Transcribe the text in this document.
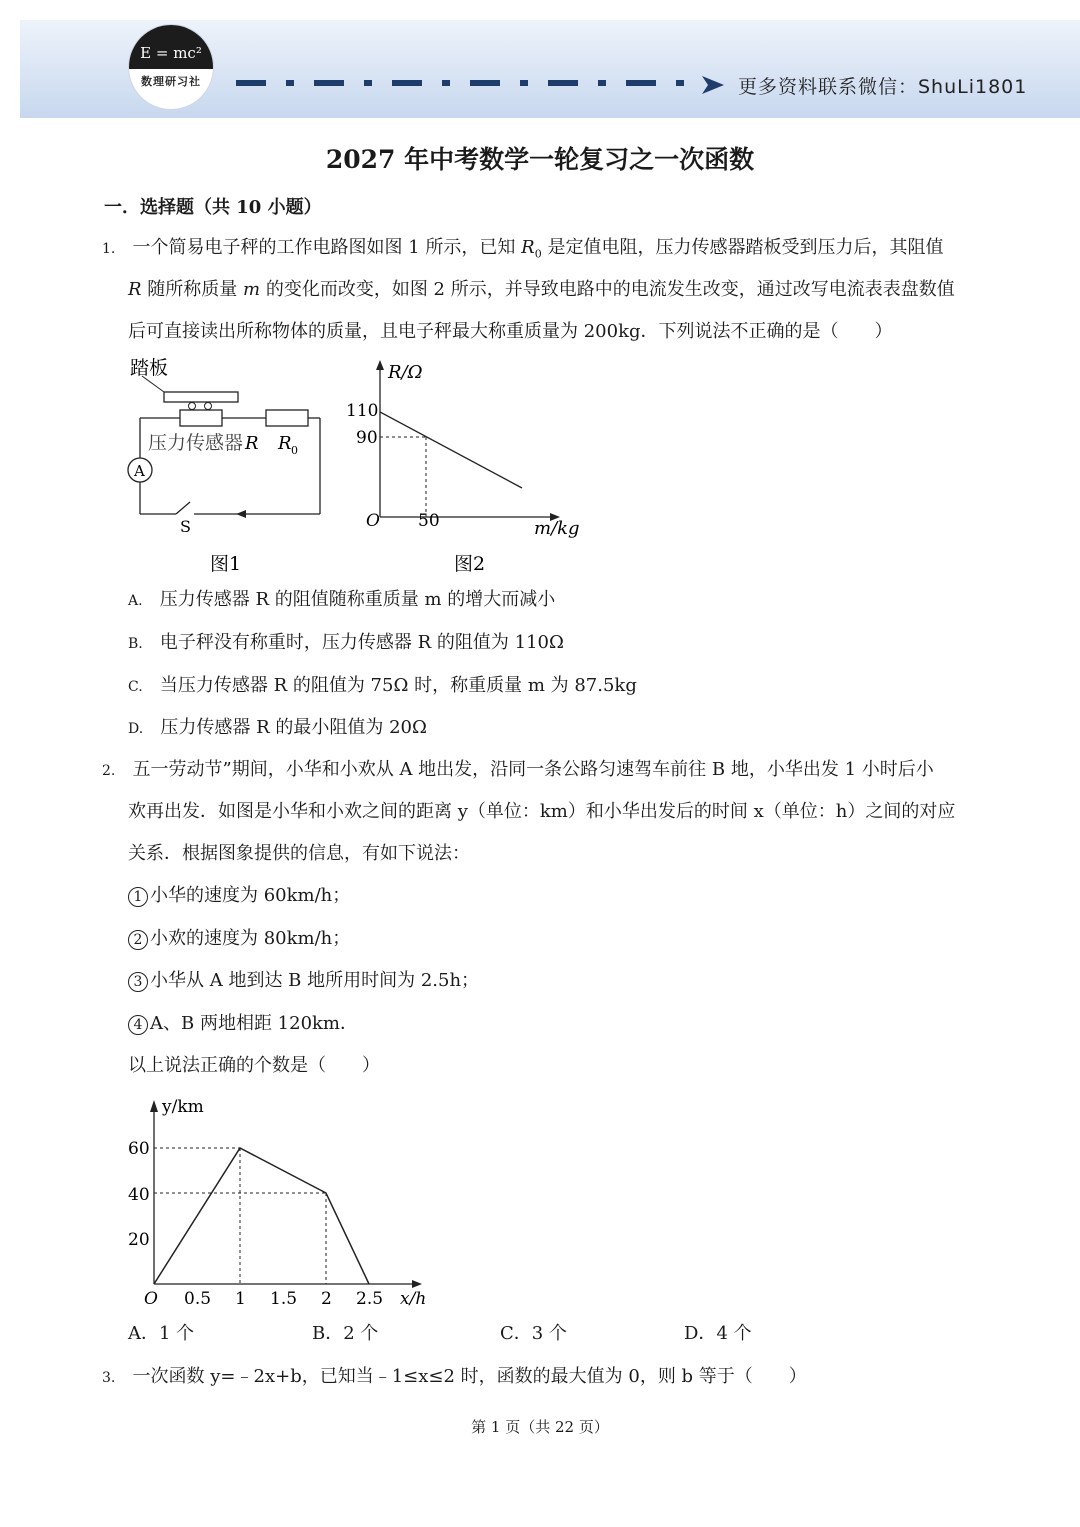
E = mc²
数理研习社	更多资料联系微信：ShuLi1801
2027 年中考数学一轮复习之一次函数
一．选择题（共 10 小题）
1. 一个简易电子秤的工作电路图如图 1 所示，已知 $R_0$ 是定值电阻，压力传感器踏板受到压力后，其阻值
R 随所称质量 m 的变化而改变，如图 2 所示，并导致电路中的电流发生改变，通过改写电流表表盘数值
后可直接读出所称物体的质量，且电子秤最大称重质量为 200kg．下列说法不正确的是（　　）
踏板
A
S
压力传感器 R R 0
图1
R/Ω
m/kg
O
110
90
50
图2
A. 压力传感器 R 的阻值随称重质量 m 的增大而减小
B. 电子秤没有称重时，压力传感器 R 的阻值为 110Ω
C. 当压力传感器 R 的阻值为 75Ω 时，称重质量 m 为 87.5kg
D. 压力传感器 R 的最小阻值为 20Ω
2. 五一劳动节”期间，小华和小欢从 A 地出发，沿同一条公路匀速驾车前往 B 地，小华出发 1 小时后小
欢再出发．如图是小华和小欢之间的距离 y（单位：km）和小华出发后的时间 x（单位：h）之间的对应
关系．根据图象提供的信息，有如下说法：
1 小华的速度为 60km/h；
2 小欢的速度为 80km/h；
3 小华从 A 地到达 B 地所用时间为 2.5h；
4 A、B 两地相距 120km．
以上说法正确的个数是（　　）
y/km
x/h
60
40
20
O 0.5 1 1.5 2 2.5
A．1 个	B．2 个	C．3 个	D．4 个
3. 一次函数 y=﹣2x+b，已知当﹣1≤x≤2 时，函数的最大值为 0，则 b 等于（　　）
第 1 页（共 22 页）
